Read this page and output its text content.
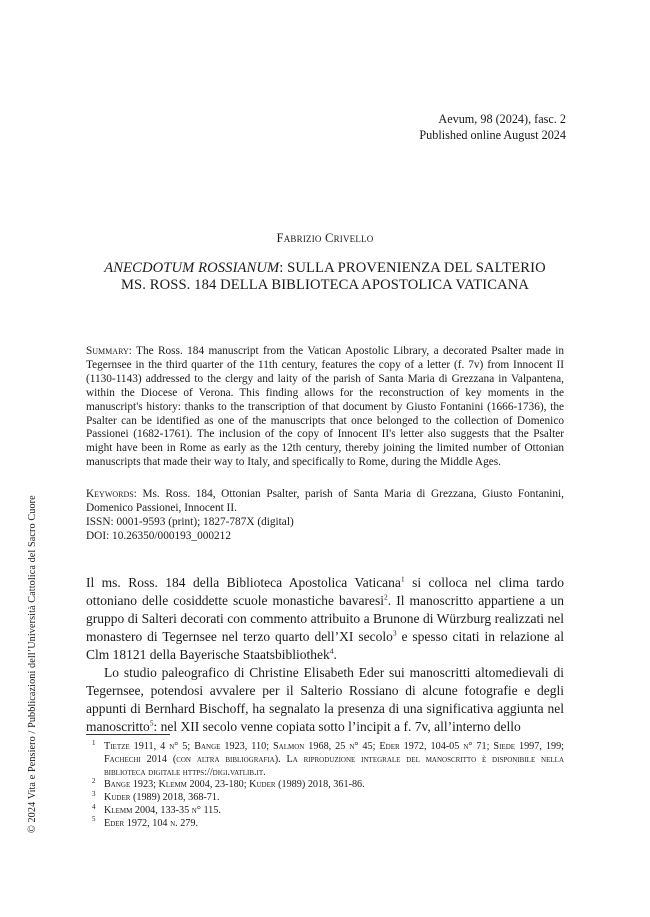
Aevum, 98 (2024), fasc. 2
Published online August 2024
Fabrizio Crivello
ANECDOTUM ROSSIANUM: SULLA PROVENIENZA DEL SALTERIO
MS. ROSS. 184 DELLA BIBLIOTECA APOSTOLICA VATICANA
Summary: The Ross. 184 manuscript from the Vatican Apostolic Library, a decorated Psalter made in Tegernsee in the third quarter of the 11th century, features the copy of a letter (f. 7v) from Innocent II (1130-1143) addressed to the clergy and laity of the parish of Santa Maria di Grezzana in Valpantena, within the Diocese of Verona. This finding allows for the reconstruction of key moments in the manuscript's history: thanks to the transcription of that document by Giusto Fontanini (1666-1736), the Psalter can be identified as one of the manuscripts that once belonged to the collection of Domenico Passionei (1682-1761). The inclusion of the copy of Innocent II's letter also suggests that the Psalter might have been in Rome as early as the 12th century, thereby joining the limited number of Ottonian manuscripts that made their way to Italy, and specifically to Rome, during the Middle Ages.

Keywords: Ms. Ross. 184, Ottonian Psalter, parish of Santa Maria di Grezzana, Giusto Fontanini, Domenico Passionei, Innocent II.

ISSN: 0001-9593 (print); 1827-787X (digital)

DOI: 10.26350/000193_000212

Il ms. Ross. 184 della Biblioteca Apostolica Vaticana$^1$ si colloca nel clima tardo ottoniano delle cosiddette scuole monastiche bavaresi$^2$. Il manoscritto appartiene a un gruppo di Salteri decorati con commento attribuito a Brunone di Würzburg realizzati nel monastero di Tegernsee nel terzo quarto dell’XI secolo$^3$ e spesso citati in relazione al Clm 18121 della Bayerische Staatsbibliothek$^4$.

Lo studio paleografico di Christine Elisabeth Eder sui manoscritti altomedievali di Tegernsee, potendosi avvalere per il Salterio Rossiano di alcune fotografie e degli appunti di Bernhard Bischoff, ha segnalato la presenza di una significativa aggiunta nel manoscritto$^5$: nel XII secolo venne copiata sotto l’incipit a f. 7v, all’interno dello

1 Tietze 1911, 4 n° 5; Bange 1923, 110; Salmon 1968, 25 n° 45; Eder 1972, 104-05 n° 71; Siede 1997, 199; Fachechi 2014 (con altra bibliografia). La riproduzione integrale del manoscritto è disponibile nella biblioteca digitale https://digi.vatlib.it.

2 Bange 1923; Klemm 2004, 23-180; Kuder (1989) 2018, 361-86.

3 Kuder (1989) 2018, 368-71.

4 Klemm 2004, 133-35 n° 115.

5 Eder 1972, 104 n. 279.

© 2024 Vita e Pensiero / Pubblicazioni dell’Università Cattolica del Sacro Cuore
